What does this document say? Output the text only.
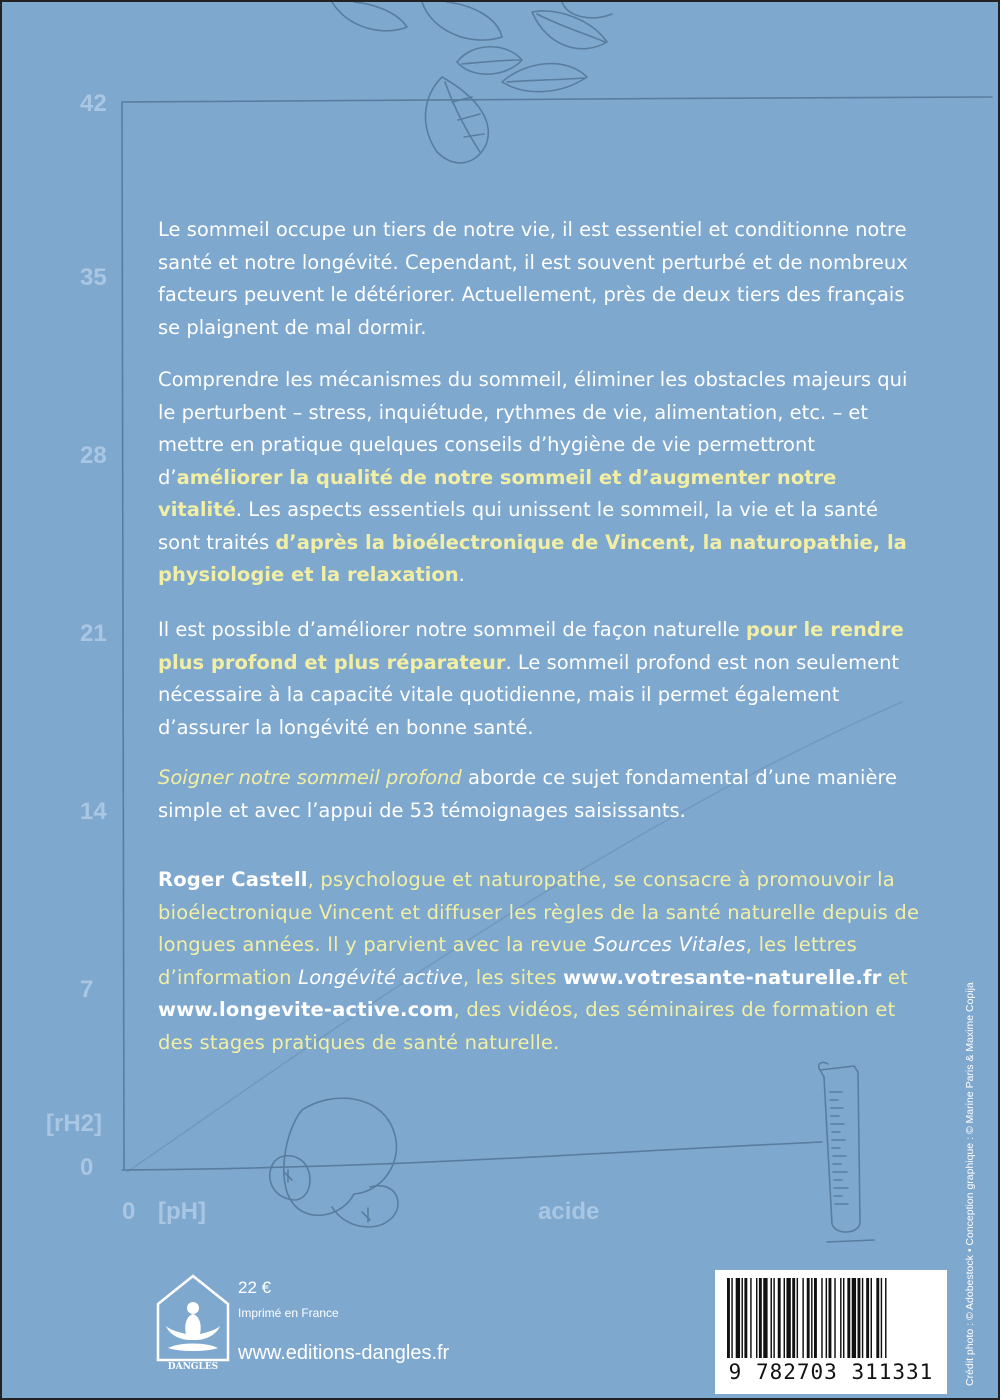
42
35
28
21
14
7
[rH2]
0
0 [pH]	acide

Le sommeil occupe un tiers de notre vie, il est essentiel et conditionne notre santé et notre longévité. Cependant, il est souvent perturbé et de nombreux facteurs peuvent le détériorer. Actuellement, près de deux tiers des français se plaignent de mal dormir.

Comprendre les mécanismes du sommeil, éliminer les obstacles majeurs qui le perturbent – stress, inquiétude, rythmes de vie, alimentation, etc. – et mettre en pratique quelques conseils d’hygiène de vie permettront d’améliorer la qualité de notre sommeil et d’augmenter notre vitalité. Les aspects essentiels qui unissent le sommeil, la vie et la santé sont traités d’après la bioélectronique de Vincent, la naturopathie, la physiologie et la relaxation.

Il est possible d’améliorer notre sommeil de façon naturelle pour le rendre plus profond et plus réparateur. Le sommeil profond est non seulement nécessaire à la capacité vitale quotidienne, mais il permet également d’assurer la longévité en bonne santé.

Soigner notre sommeil profond aborde ce sujet fondamental d’une manière simple et avec l’appui de 53 témoignages saisissants.

Roger Castell, psychologue et naturopathe, se consacre à promouvoir la bioélectronique Vincent et diffuser les règles de la santé naturelle depuis de longues années. Il y parvient avec la revue Sources Vitales, les lettres d’information Longévité active, les sites www.votresante-naturelle.fr et www.longevite-active.com, des vidéos, des séminaires de formation et des stages pratiques de santé naturelle.

DANGLES
22 €
Imprimé en France
www.editions-dangles.fr
9 782703 311331	Crédit photo : © Adobestock • Conception graphique : © Marine Paris & Maxime Copija
